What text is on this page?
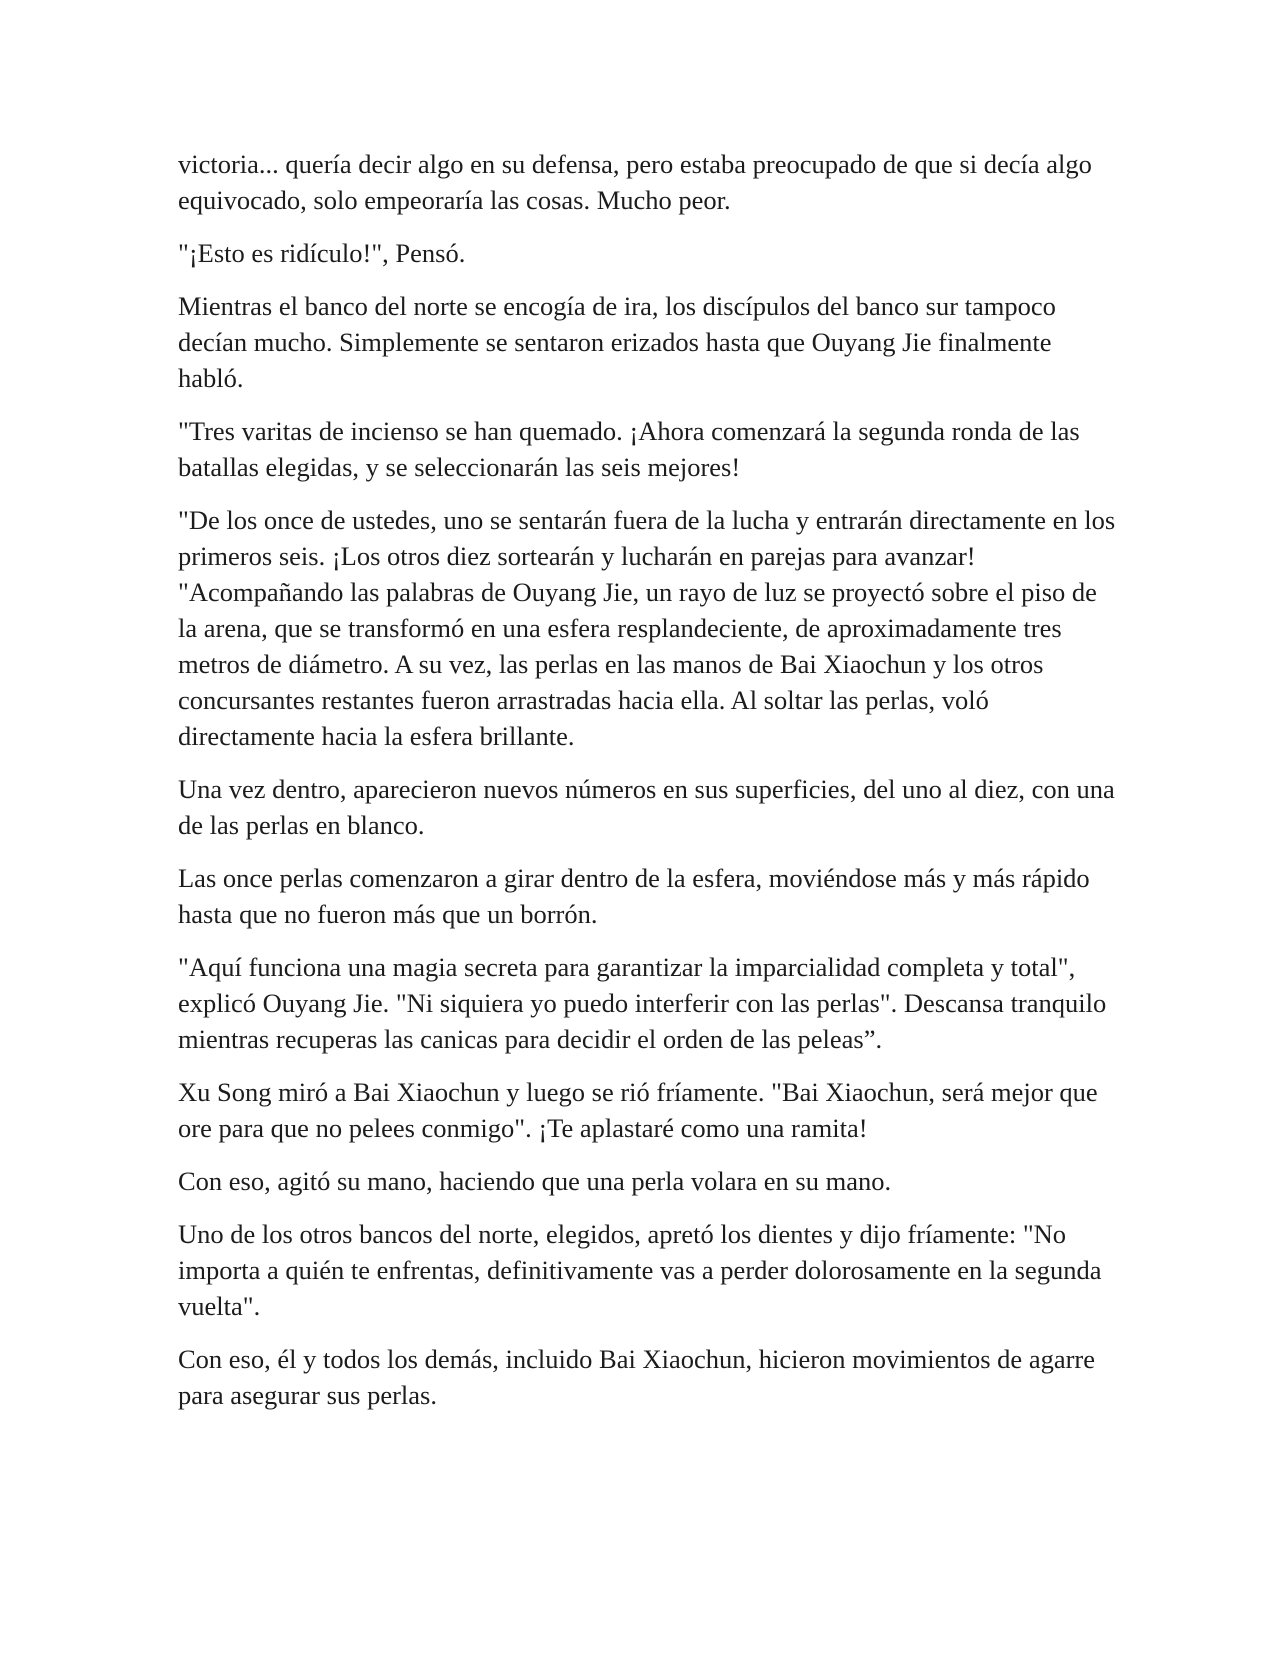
victoria... quería decir algo en su defensa, pero estaba preocupado de que si decía algo equivocado, solo empeoraría las cosas. Mucho peor.

"¡Esto es ridículo!", Pensó.

Mientras el banco del norte se encogía de ira, los discípulos del banco sur tampoco decían mucho. Simplemente se sentaron erizados hasta que Ouyang Jie finalmente habló.

"Tres varitas de incienso se han quemado. ¡Ahora comenzará la segunda ronda de las batallas elegidas, y se seleccionarán las seis mejores!

"De los once de ustedes, uno se sentarán fuera de la lucha y entrarán directamente en los primeros seis. ¡Los otros diez sortearán y lucharán en parejas para avanzar! "Acompañando las palabras de Ouyang Jie, un rayo de luz se proyectó sobre el piso de la arena, que se transformó en una esfera resplandeciente, de aproximadamente tres metros de diámetro. A su vez, las perlas en las manos de Bai Xiaochun y los otros concursantes restantes fueron arrastradas hacia ella. Al soltar las perlas, voló directamente hacia la esfera brillante.

Una vez dentro, aparecieron nuevos números en sus superficies, del uno al diez, con una de las perlas en blanco.

Las once perlas comenzaron a girar dentro de la esfera, moviéndose más y más rápido hasta que no fueron más que un borrón.

"Aquí funciona una magia secreta para garantizar la imparcialidad completa y total", explicó Ouyang Jie. "Ni siquiera yo puedo interferir con las perlas". Descansa tranquilo mientras recuperas las canicas para decidir el orden de las peleas”.

Xu Song miró a Bai Xiaochun y luego se rió fríamente. "Bai Xiaochun, será mejor que ore para que no pelees conmigo". ¡Te aplastaré como una ramita!

Con eso, agitó su mano, haciendo que una perla volara en su mano.

Uno de los otros bancos del norte, elegidos, apretó los dientes y dijo fríamente: "No importa a quién te enfrentas, definitivamente vas a perder dolorosamente en la segunda vuelta".

Con eso, él y todos los demás, incluido Bai Xiaochun, hicieron movimientos de agarre para asegurar sus perlas.
